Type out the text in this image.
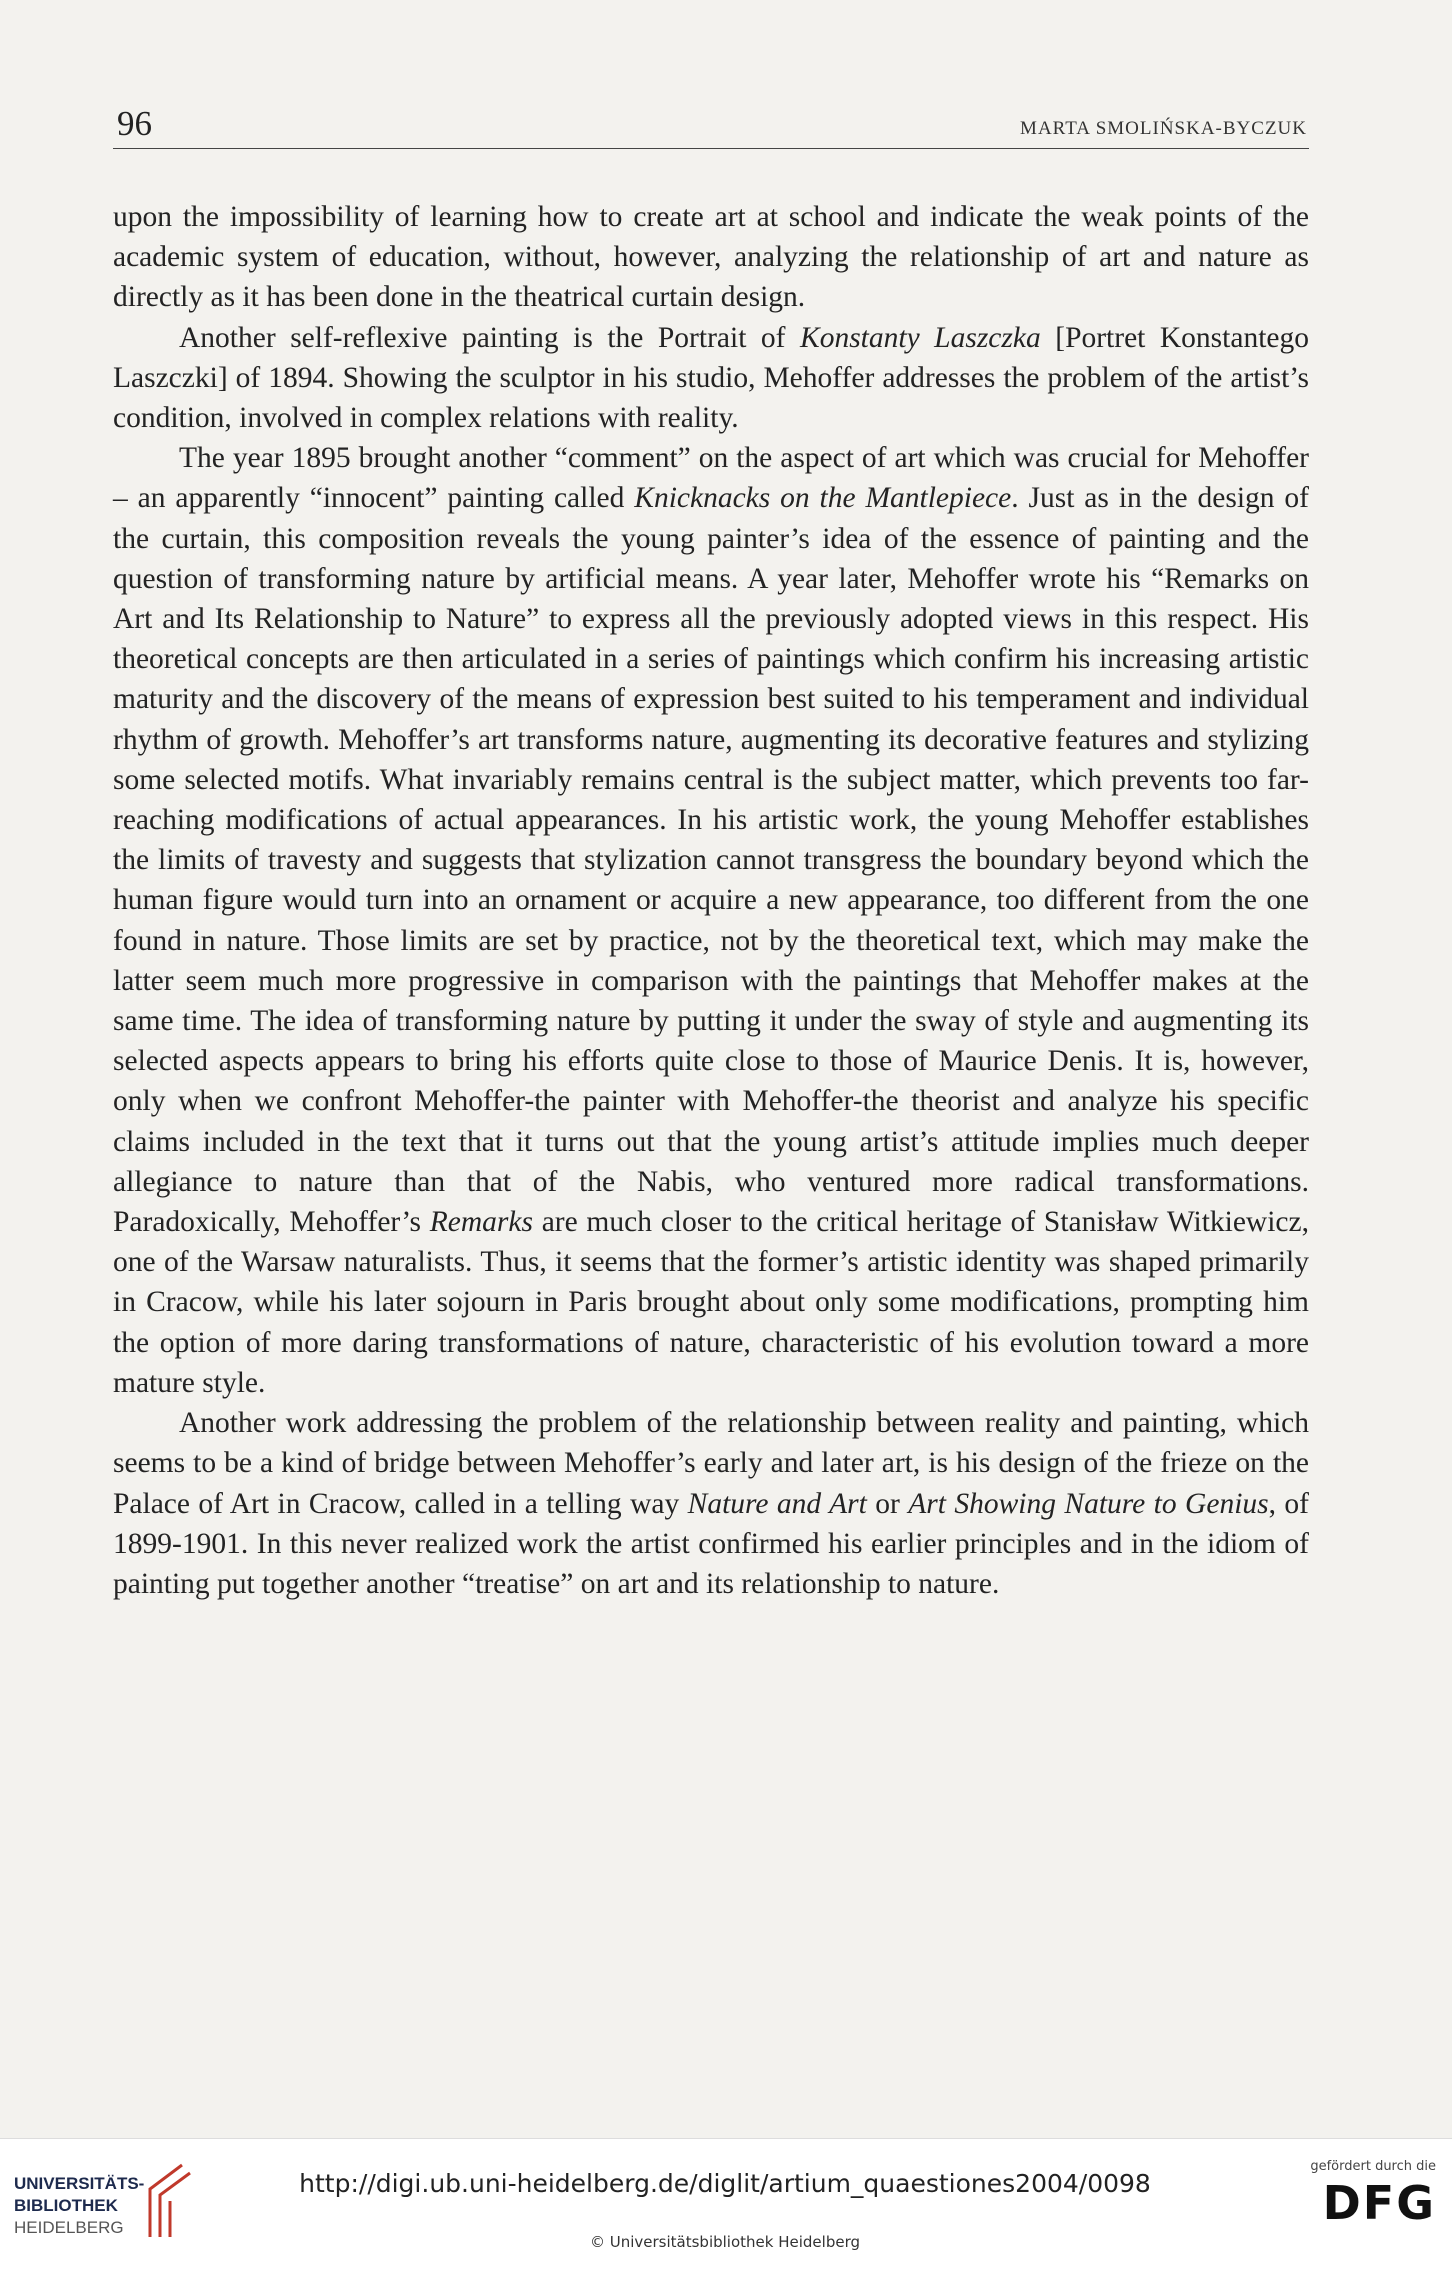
96	MARTA SMOLIŃSKA-BYCZUK

upon the impossibility of learning how to create art at school and indicate the weak points of the academic system of education, without, however, analyzing the relationship of art and nature as directly as it has been done in the theatrical curtain design.

Another self-reflexive painting is the Portrait of Konstanty Laszczka [Portret Konstantego Laszczki] of 1894. Showing the sculptor in his studio, Mehoffer addresses the problem of the artist’s condition, involved in complex relations with reality.

The year 1895 brought another “comment” on the aspect of art which was crucial for Mehoffer – an apparently “innocent” painting called Knicknacks on the Mantlepiece. Just as in the design of the curtain, this composition reveals the young painter’s idea of the essence of painting and the question of transforming nature by artificial means. A year later, Mehoffer wrote his “Remarks on Art and Its Relationship to Nature” to express all the previously adopted views in this respect. His theoretical concepts are then articulated in a series of paintings which confirm his increasing artistic maturity and the discovery of the means of expression best suited to his temperament and individual rhythm of growth. Mehoffer’s art transforms nature, augmenting its decorative features and stylizing some selected motifs. What invariably remains central is the subject matter, which prevents too far-reaching modifications of actual appearances. In his artistic work, the young Mehoffer establishes the limits of travesty and suggests that stylization cannot transgress the boundary beyond which the human figure would turn into an ornament or acquire a new appearance, too different from the one found in nature. Those limits are set by practice, not by the theoretical text, which may make the latter seem much more progressive in comparison with the paintings that Mehoffer makes at the same time. The idea of transforming nature by putting it under the sway of style and augmenting its selected aspects appears to bring his efforts quite close to those of Maurice Denis. It is, however, only when we confront Mehoffer-the painter with Mehoffer-the theorist and analyze his specific claims included in the text that it turns out that the young artist’s attitude implies much deeper allegiance to nature than that of the Nabis, who ventured more radical transformations. Paradoxically, Mehoffer’s Remarks are much closer to the critical heritage of Stanisław Witkiewicz, one of the Warsaw naturalists. Thus, it seems that the former’s artistic identity was shaped primarily in Cracow, while his later sojourn in Paris brought about only some modifications, prompting him the option of more daring transformations of nature, characteristic of his evolution toward a more mature style.

Another work addressing the problem of the relationship between reality and painting, which seems to be a kind of bridge between Mehoffer’s early and later art, is his design of the frieze on the Palace of Art in Cracow, called in a telling way Nature and Art or Art Showing Nature to Genius, of 1899-1901. In this never realized work the artist confirmed his earlier principles and in the idiom of painting put together another “treatise” on art and its relationship to nature.

UNIVERSITÄTS-
BIBLIOTHEK
HEIDELBERG
http://digi.ub.uni-heidelberg.de/diglit/artium_quaestiones2004/0098
© Universitätsbibliothek Heidelberg
gefördert durch die
DFG
